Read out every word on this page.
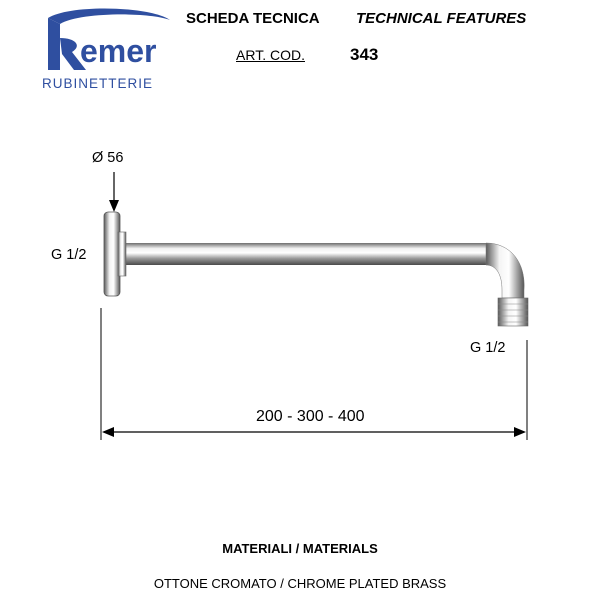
emer
RUBINETTERIE
SCHEDA TECNICA TECHNICAL FEATURES
ART. COD.	343
Ø 56
G 1/2
G 1/2
200 - 300 - 400
MATERIALI / MATERIALS
OTTONE CROMATO / CHROME PLATED BRASS
